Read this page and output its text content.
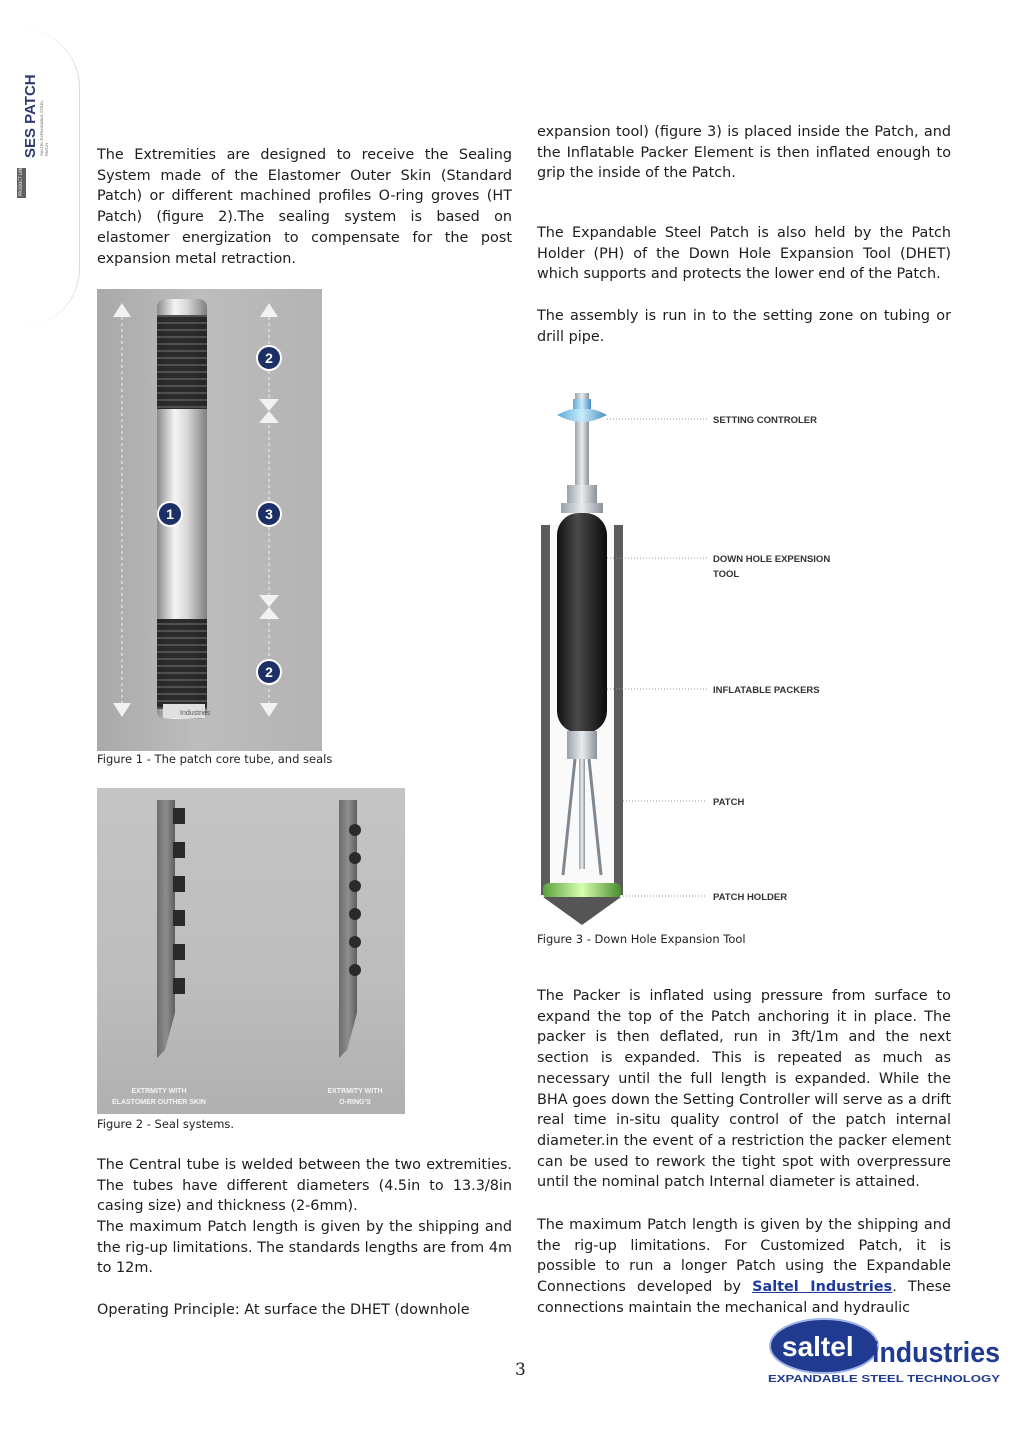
SES PATCH SALTEL EXPANDABLE STEEL PATCH
PRODUCT LINE

The Extremities are designed to receive the Sealing System made of the Elastomer Outer Skin (Standard Patch) or different machined profiles O-ring groves (HT Patch) (figure 2).The sealing system is based on elastomer energization to compensate for the post expansion metal retraction.

Industries
2
1	3
2

Figure 1 - The patch core tube, and seals

EXTRMITY WITH
ELASTOMER OUTHER SKIN
EXTRMITY WITH
O-RING'S

Figure 2 - Seal systems.

The Central tube is welded between the two extremities. The tubes have different diameters (4.5in to 13.3/8in casing size) and thickness (2-6mm).

The maximum Patch length is given by the shipping and the rig-up limitations. The standards lengths are from 4m to 12m.

Operating Principle: At surface the DHET (downhole

expansion tool) (figure 3) is placed inside the Patch, and the Inflatable Packer Element is then inflated enough to grip the inside of the Patch.

The Expandable Steel Patch is also held by the Patch Holder (PH) of the Down Hole Expansion Tool (DHET) which supports and protects the lower end of the Patch.

The assembly is run in to the setting zone on tubing or drill pipe.

SETTING CONTROLER
DOWN HOLE EXPENSION
TOOL
INFLATABLE PACKERS
PATCH
PATCH HOLDER

Figure 3 - Down Hole Expansion Tool

The Packer is inflated using pressure from surface to expand the top of the Patch anchoring it in place. The packer is then deflated, run in 3ft/1m and the next section is expanded. This is repeated as much as necessary until the full length is expanded. While the BHA goes down the Setting Controller will serve as a drift real time in-situ quality control of the patch internal diameter.in the event of a restriction the packer element can be used to rework the tight spot with overpressure until the nominal patch Internal diameter is attained.

The maximum Patch length is given by the shipping and the rig-up limitations. For Customized Patch, it is possible to run a longer Patch using the Expandable Connections developed by Saltel Industries. These connections maintain the mechanical and hydraulic

3
saltel industries
EXPANDABLE STEEL TECHNOLOGY
